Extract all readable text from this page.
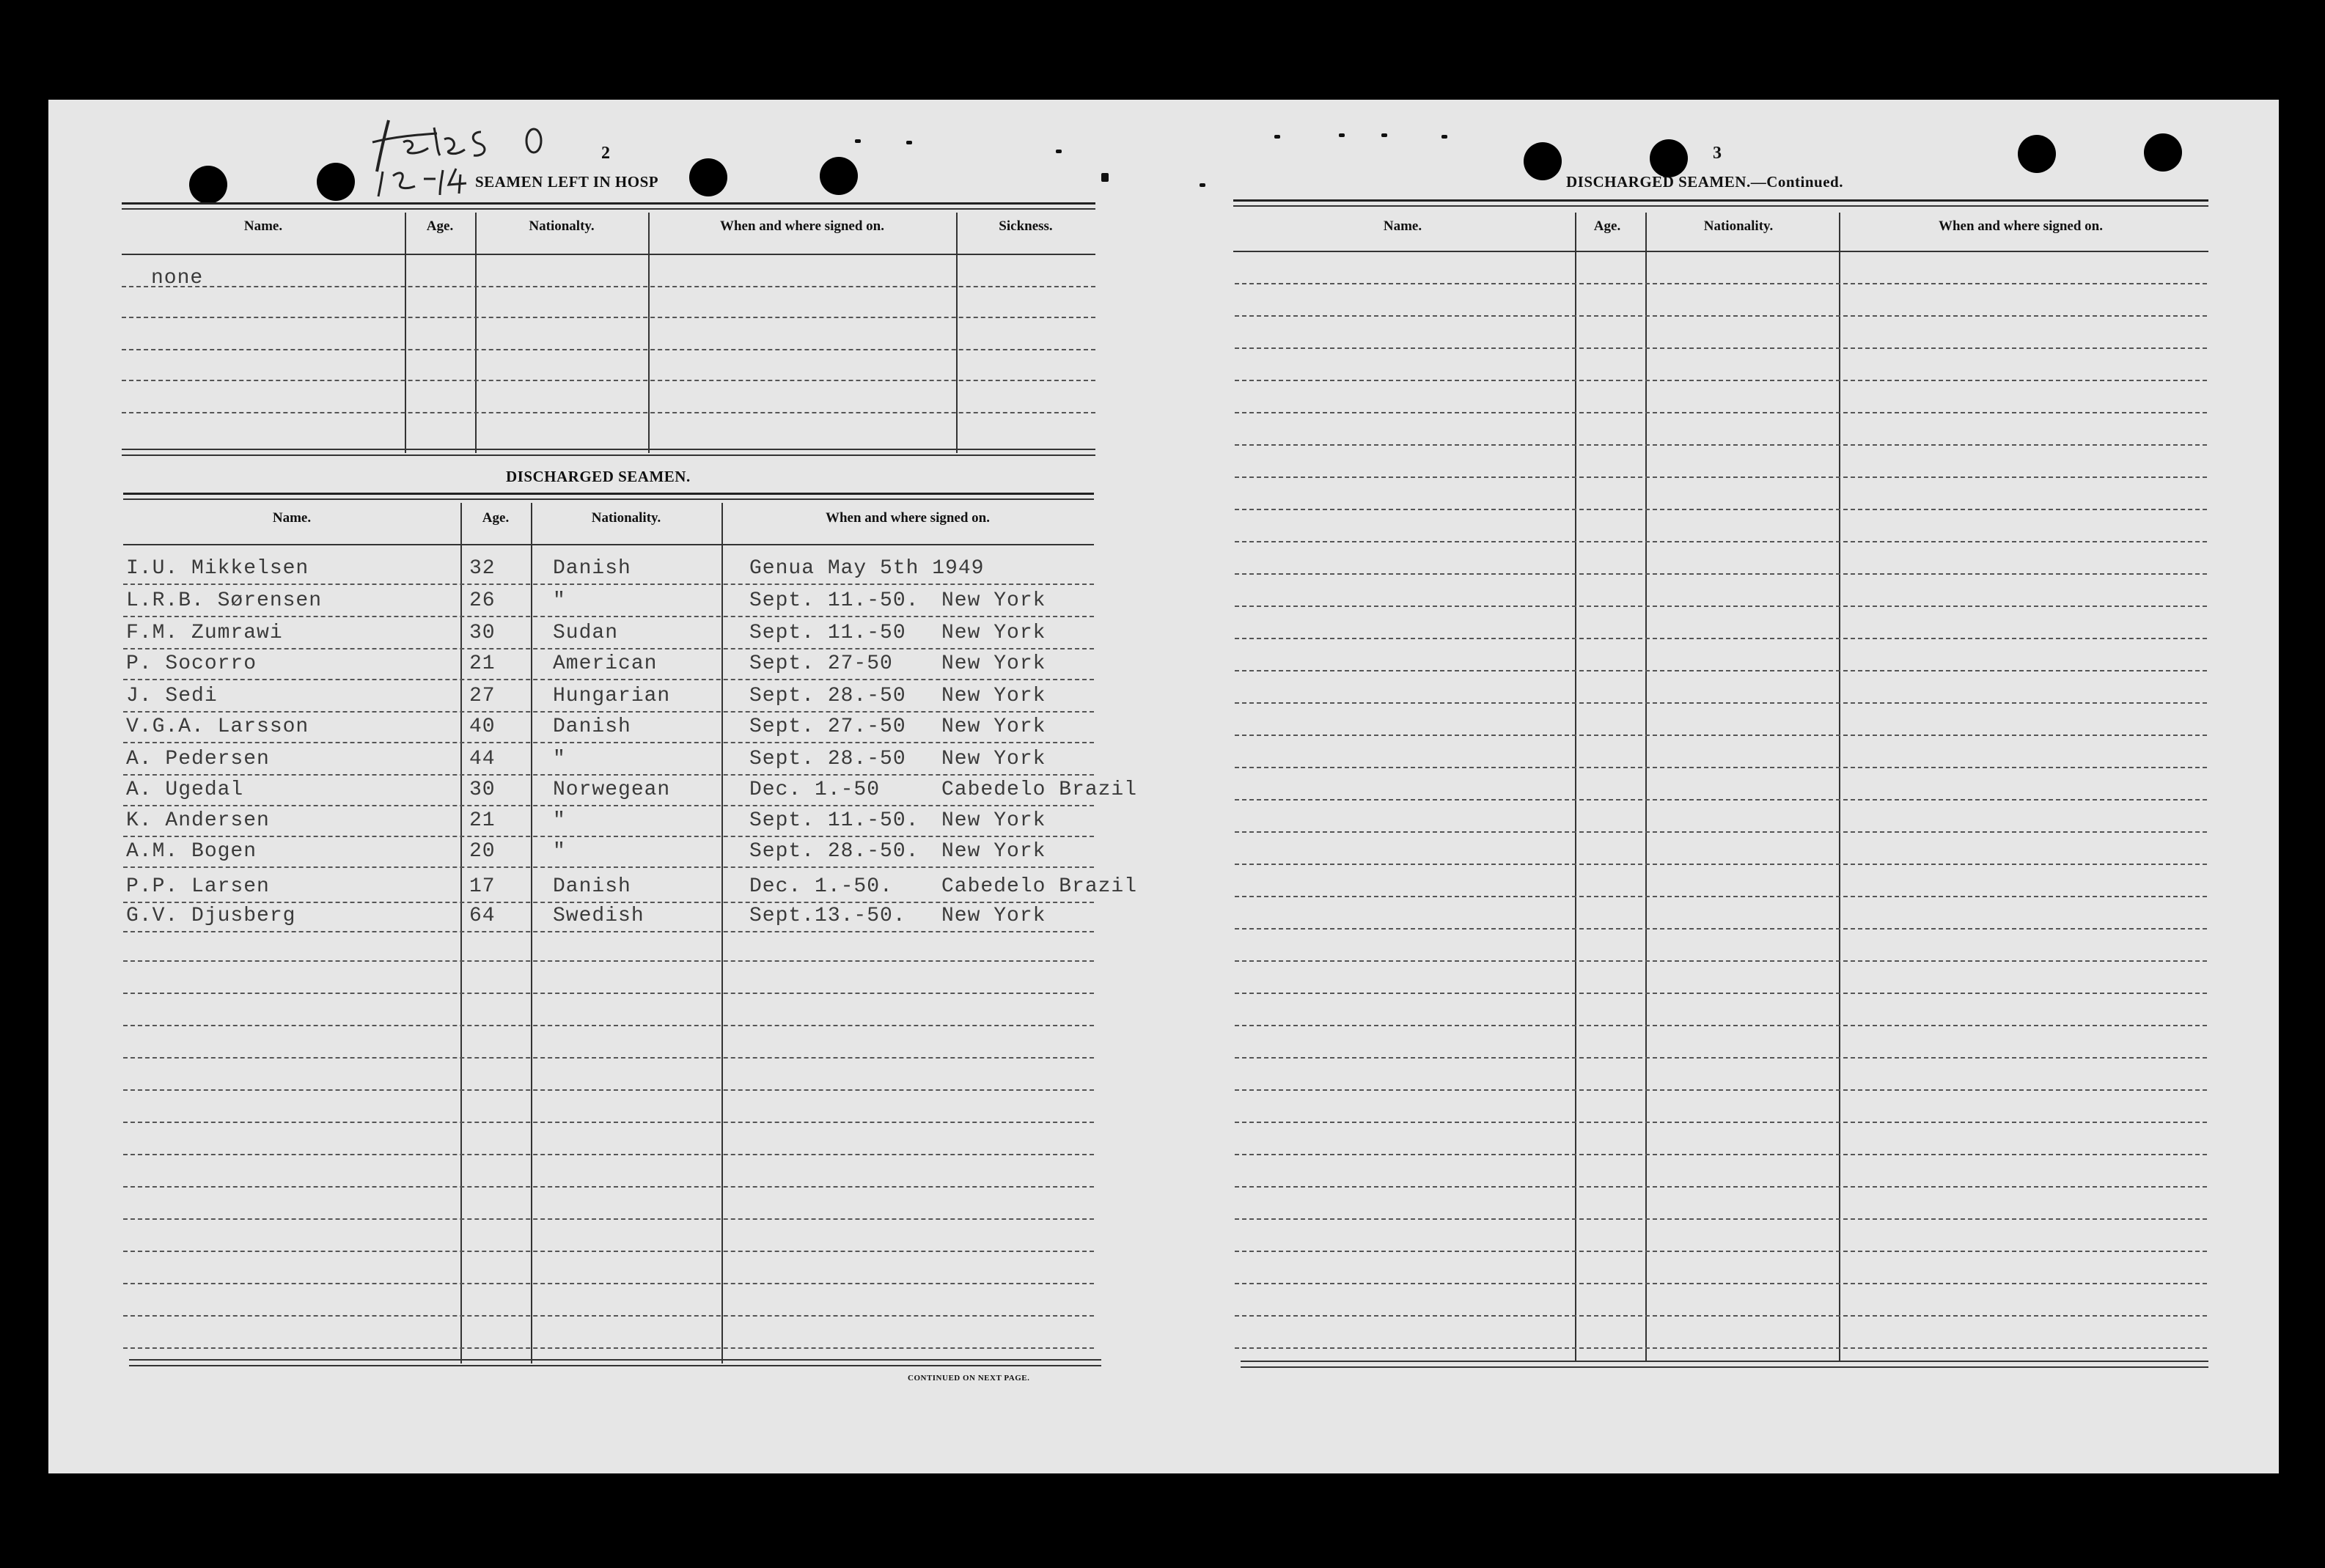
2
SEAMEN LEFT IN HOSP
Name.	Age.	Nationalty.	When and where signed on.	Sickness.
none
DISCHARGED SEAMEN.
Name.	Age.	Nationality.	When and where signed on.
I.U. Mikkelsen	32	Danish	Genua May 5th 1949
L.R.B. Sørensen	26	"	Sept. 11.-50. New York
F.M. Zumrawi	30	Sudan	Sept. 11.-50 New York
P. Socorro	21	American	Sept. 27-50 New York
J. Sedi	27	Hungarian	Sept. 28.-50 New York
V.G.A. Larsson	40	Danish	Sept. 27.-50 New York
A. Pedersen	44	"	Sept. 28.-50 New York
A. Ugedal	30	Norwegean	Dec. 1.-50	Cabedelo Brazil
K. Andersen	21	"	Sept. 11.-50. New York
A.M. Bogen	20	"	Sept. 28.-50. New York
P.P. Larsen	17	Danish	Dec. 1.-50. Cabedelo Brazil
G.V. Djusberg	64	Swedish	Sept.13.-50. New York
CONTINUED ON NEXT PAGE.
3
DISCHARGED SEAMEN.—Continued.
Name.	Age.	Nationality.	When and where signed on.
